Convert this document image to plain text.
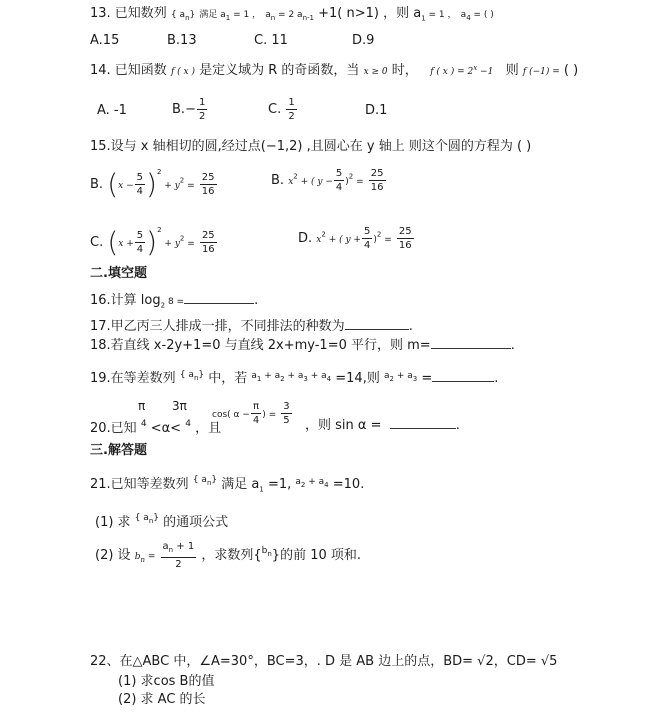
13. 已知数列 { $a_n$} 满足 $a_1 = 1$ ， $a_n = 2$ $a_{n-1} +1$( n>1) ，则 $a_1 = 1$ ， $a_4$ = ( )
A.15	B.13	C. 11	D.9
14. 已知函数 f ( x ) 是定义域为 R 的奇函数，当 x ≥ 0 时， f ( x ) = $2^x -1$ 则 f (−1) = ( )
A. -1	$B.- \frac{1}{2}$	C. $\frac{1}{2}$	D.1
15.设与 x 轴相切的圆,经过点(−1,2) ,且圆心在 y 轴上 则这个圆的方程为 ( )
B. $(x - \frac{5}{4} )^2 + y^2 = \frac{25}{16}$	B. $x^2$ + ( $y - \frac{5}{4} )^2 = \frac{25}{16}$
C. $(x + \frac{5}{4} )^2 + y^2 = \frac{25}{16}$	D. $x^2$ + ( $y + \frac{5}{4} )^2 = \frac{25}{16}$
二.填空题
16.计算 $\log_2 8$ =	.
17.甲乙丙三人排成一排，不同排法的种数为	.
18.若直线 x-2y+1=0 与直线 2x+my-1=0 平行，则 m=	.
19.在等差数列 $^{\{ a_n\}}$ 中，若 $^{a_1 + a_2 + a_3 + a_4}$ =14,则 $^{a_2 + a_3}$ =	.
π 3π
20.已知 $^4$ <α< $^4$ ，且
cos( $\alpha - \frac{\pi}{4}$ ) = $\frac{3}{5}$ ，则 sin α =	.
三.解答题
21.已知等差数列 $^{\{ a_n\}}$ 满足 $a_1 =1$, $^{a_2 + a_4}$ =10.
(1) 求 $^{\{ a_n\}}$ 的通项公式
(2) 设 $b_n = \frac{a_n + 1}{2}$ ，求数列{$^{b_n}$}的前 10 项和.
22、在△ABC 中，∠A=30°，BC=3，. D 是 AB 边上的点，BD= √2，CD= √5
(1) 求cos B的值
(2) 求 AC 的长
